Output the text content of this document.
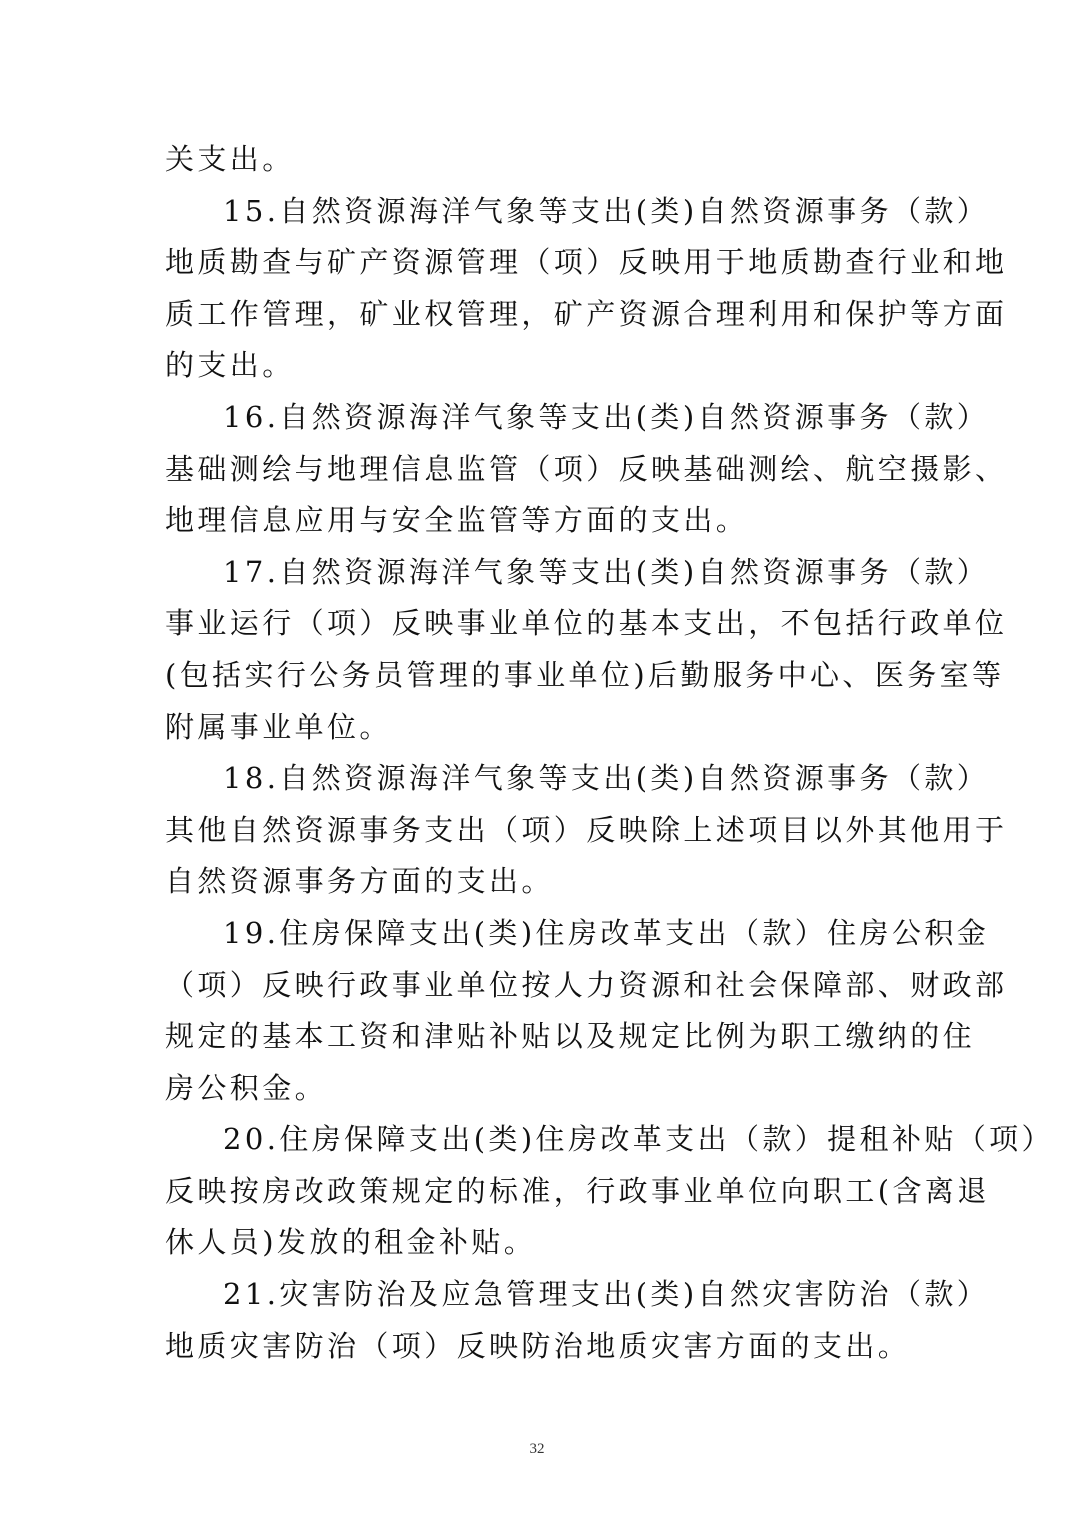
关支出。
15.自然资源海洋气象等支出(类)自然资源事务（款）
地质勘查与矿产资源管理（项）反映用于地质勘查行业和地
质工作管理，矿业权管理，矿产资源合理利用和保护等方面
的支出。
16.自然资源海洋气象等支出(类)自然资源事务（款）
基础测绘与地理信息监管（项）反映基础测绘、航空摄影、
地理信息应用与安全监管等方面的支出。
17.自然资源海洋气象等支出(类)自然资源事务（款）
事业运行（项）反映事业单位的基本支出，不包括行政单位
(包括实行公务员管理的事业单位)后勤服务中心、医务室等
附属事业单位。
18.自然资源海洋气象等支出(类)自然资源事务（款）
其他自然资源事务支出（项）反映除上述项目以外其他用于
自然资源事务方面的支出。
19.住房保障支出(类)住房改革支出（款）住房公积金
（项）反映行政事业单位按人力资源和社会保障部、财政部
规定的基本工资和津贴补贴以及规定比例为职工缴纳的住
房公积金。
20.住房保障支出(类)住房改革支出（款）提租补贴（项）
反映按房改政策规定的标准，行政事业单位向职工(含离退
休人员)发放的租金补贴。
21.灾害防治及应急管理支出(类)自然灾害防治（款）
地质灾害防治（项）反映防治地质灾害方面的支出。
32
